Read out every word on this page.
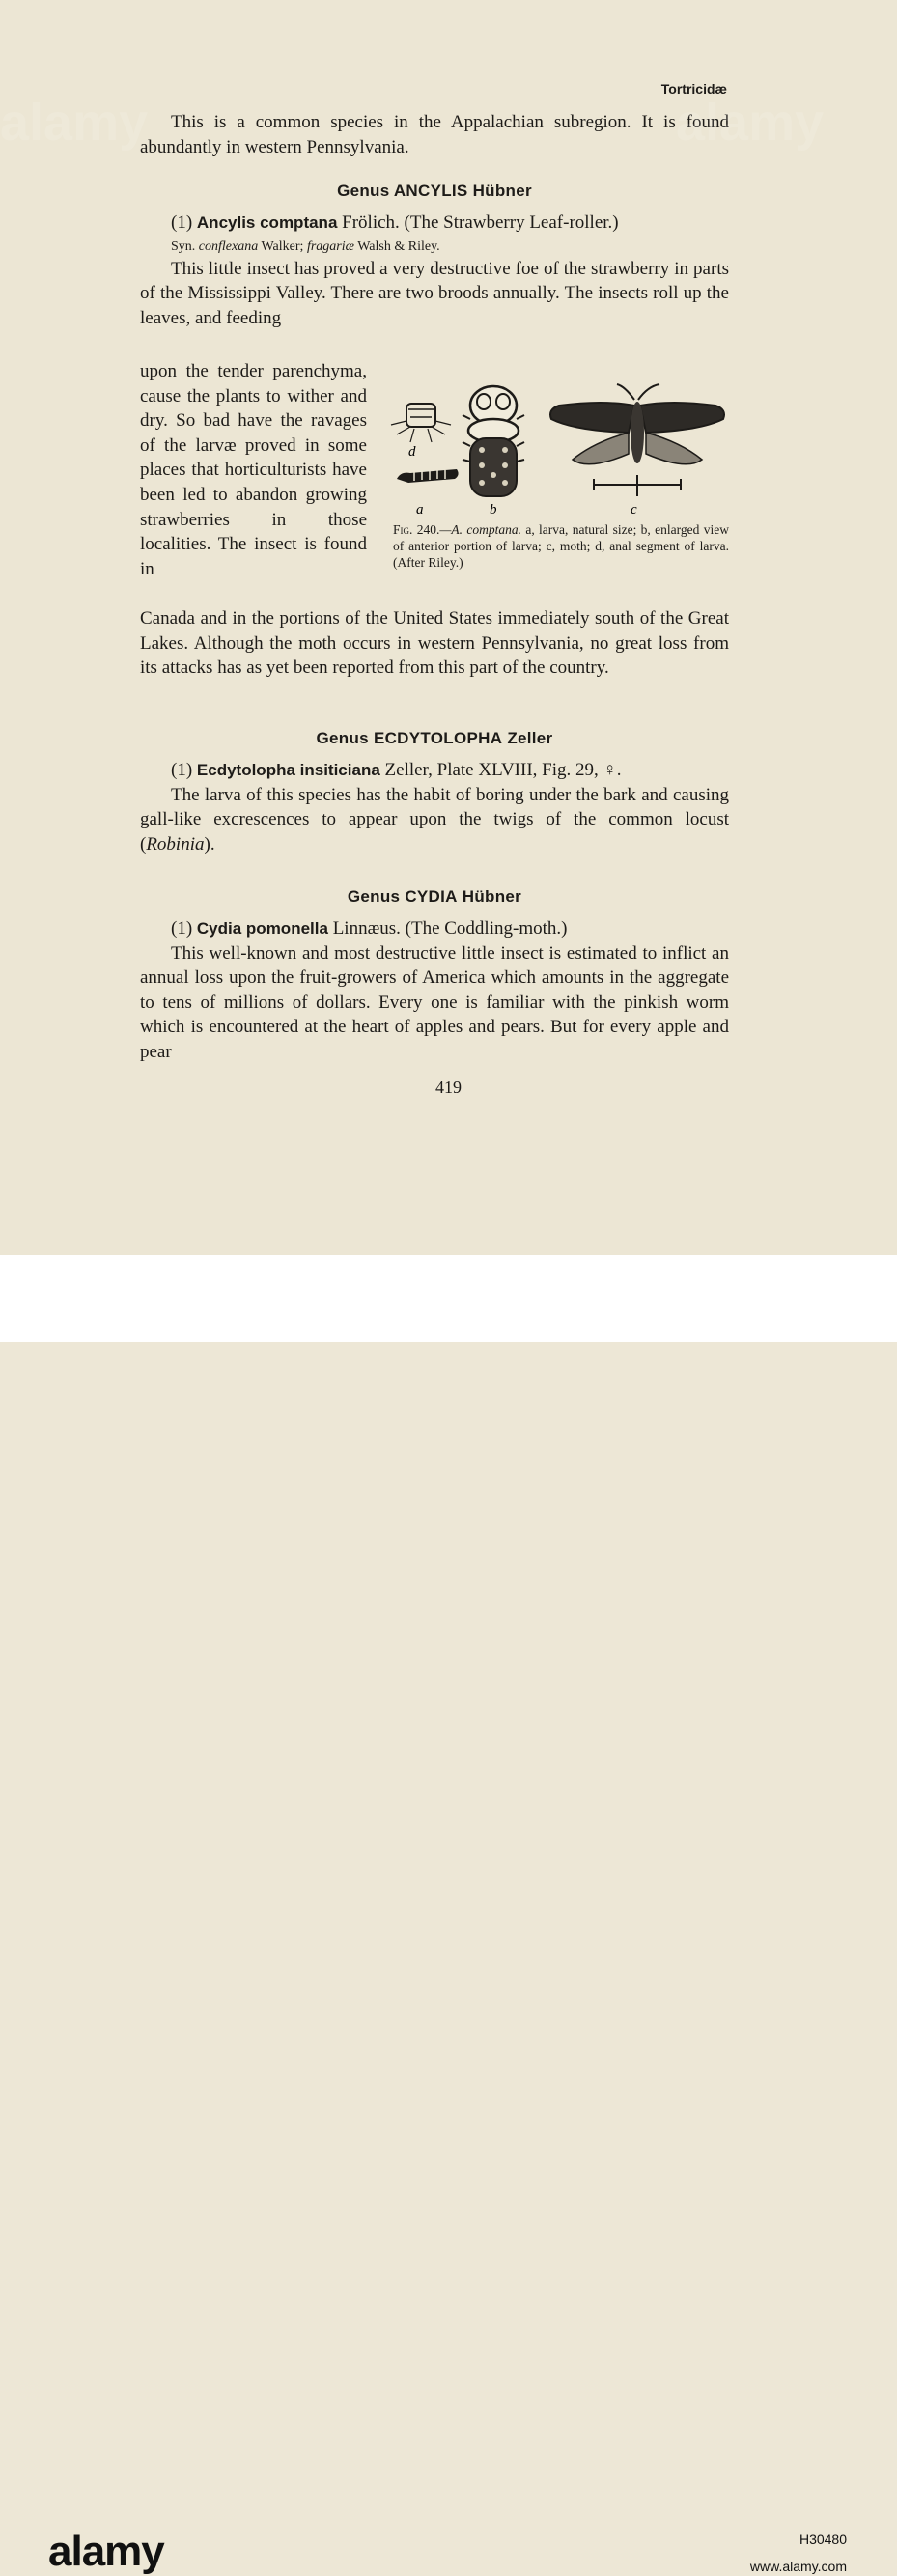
Tortricidæ

This is a common species in the Appalachian subregion. It is found abundantly in western Pennsylvania.

Genus ANCYLIS Hübner
(1) Ancylis comptana Frölich. (The Strawberry Leaf-roller.)
Syn. conflexana Walker; fragariæ Walsh & Riley.

This little insect has proved a very destructive foe of the strawberry in parts of the Mississippi Valley. There are two broods annually. The insects roll up the leaves, and feeding

upon the tender parenchyma, cause the plants to wither and dry. So bad have the ravages of the larvæ proved in some places that horticulturists have been led to abandon growing strawberries in those localities. The insect is found in
d
a	b	c
Fig. 240.—A. comptana. a, larva, natural size; b, enlarged view of anterior portion of larva; c, moth; d, anal segment of larva. (After Riley.)

Canada and in the portions of the United States immediately south of the Great Lakes. Although the moth occurs in western Pennsylvania, no great loss from its attacks has as yet been reported from this part of the country.

Genus ECDYTOLOPHA Zeller
(1) Ecdytolopha insiticiana Zeller, Plate XLVIII, Fig. 29, ♀.

The larva of this species has the habit of boring under the bark and causing gall-like excrescences to appear upon the twigs of the common locust (Robinia).

Genus CYDIA Hübner
(1) Cydia pomonella Linnæus. (The Coddling-moth.)

This well-known and most destructive little insect is estimated to inflict an annual loss upon the fruit-growers of America which amounts in the aggregate to tens of millions of dollars. Every one is familiar with the pinkish worm which is encountered at the heart of apples and pears. But for every apple and pear

419
alamy	alamy
alamy	H30480
www.alamy.com
